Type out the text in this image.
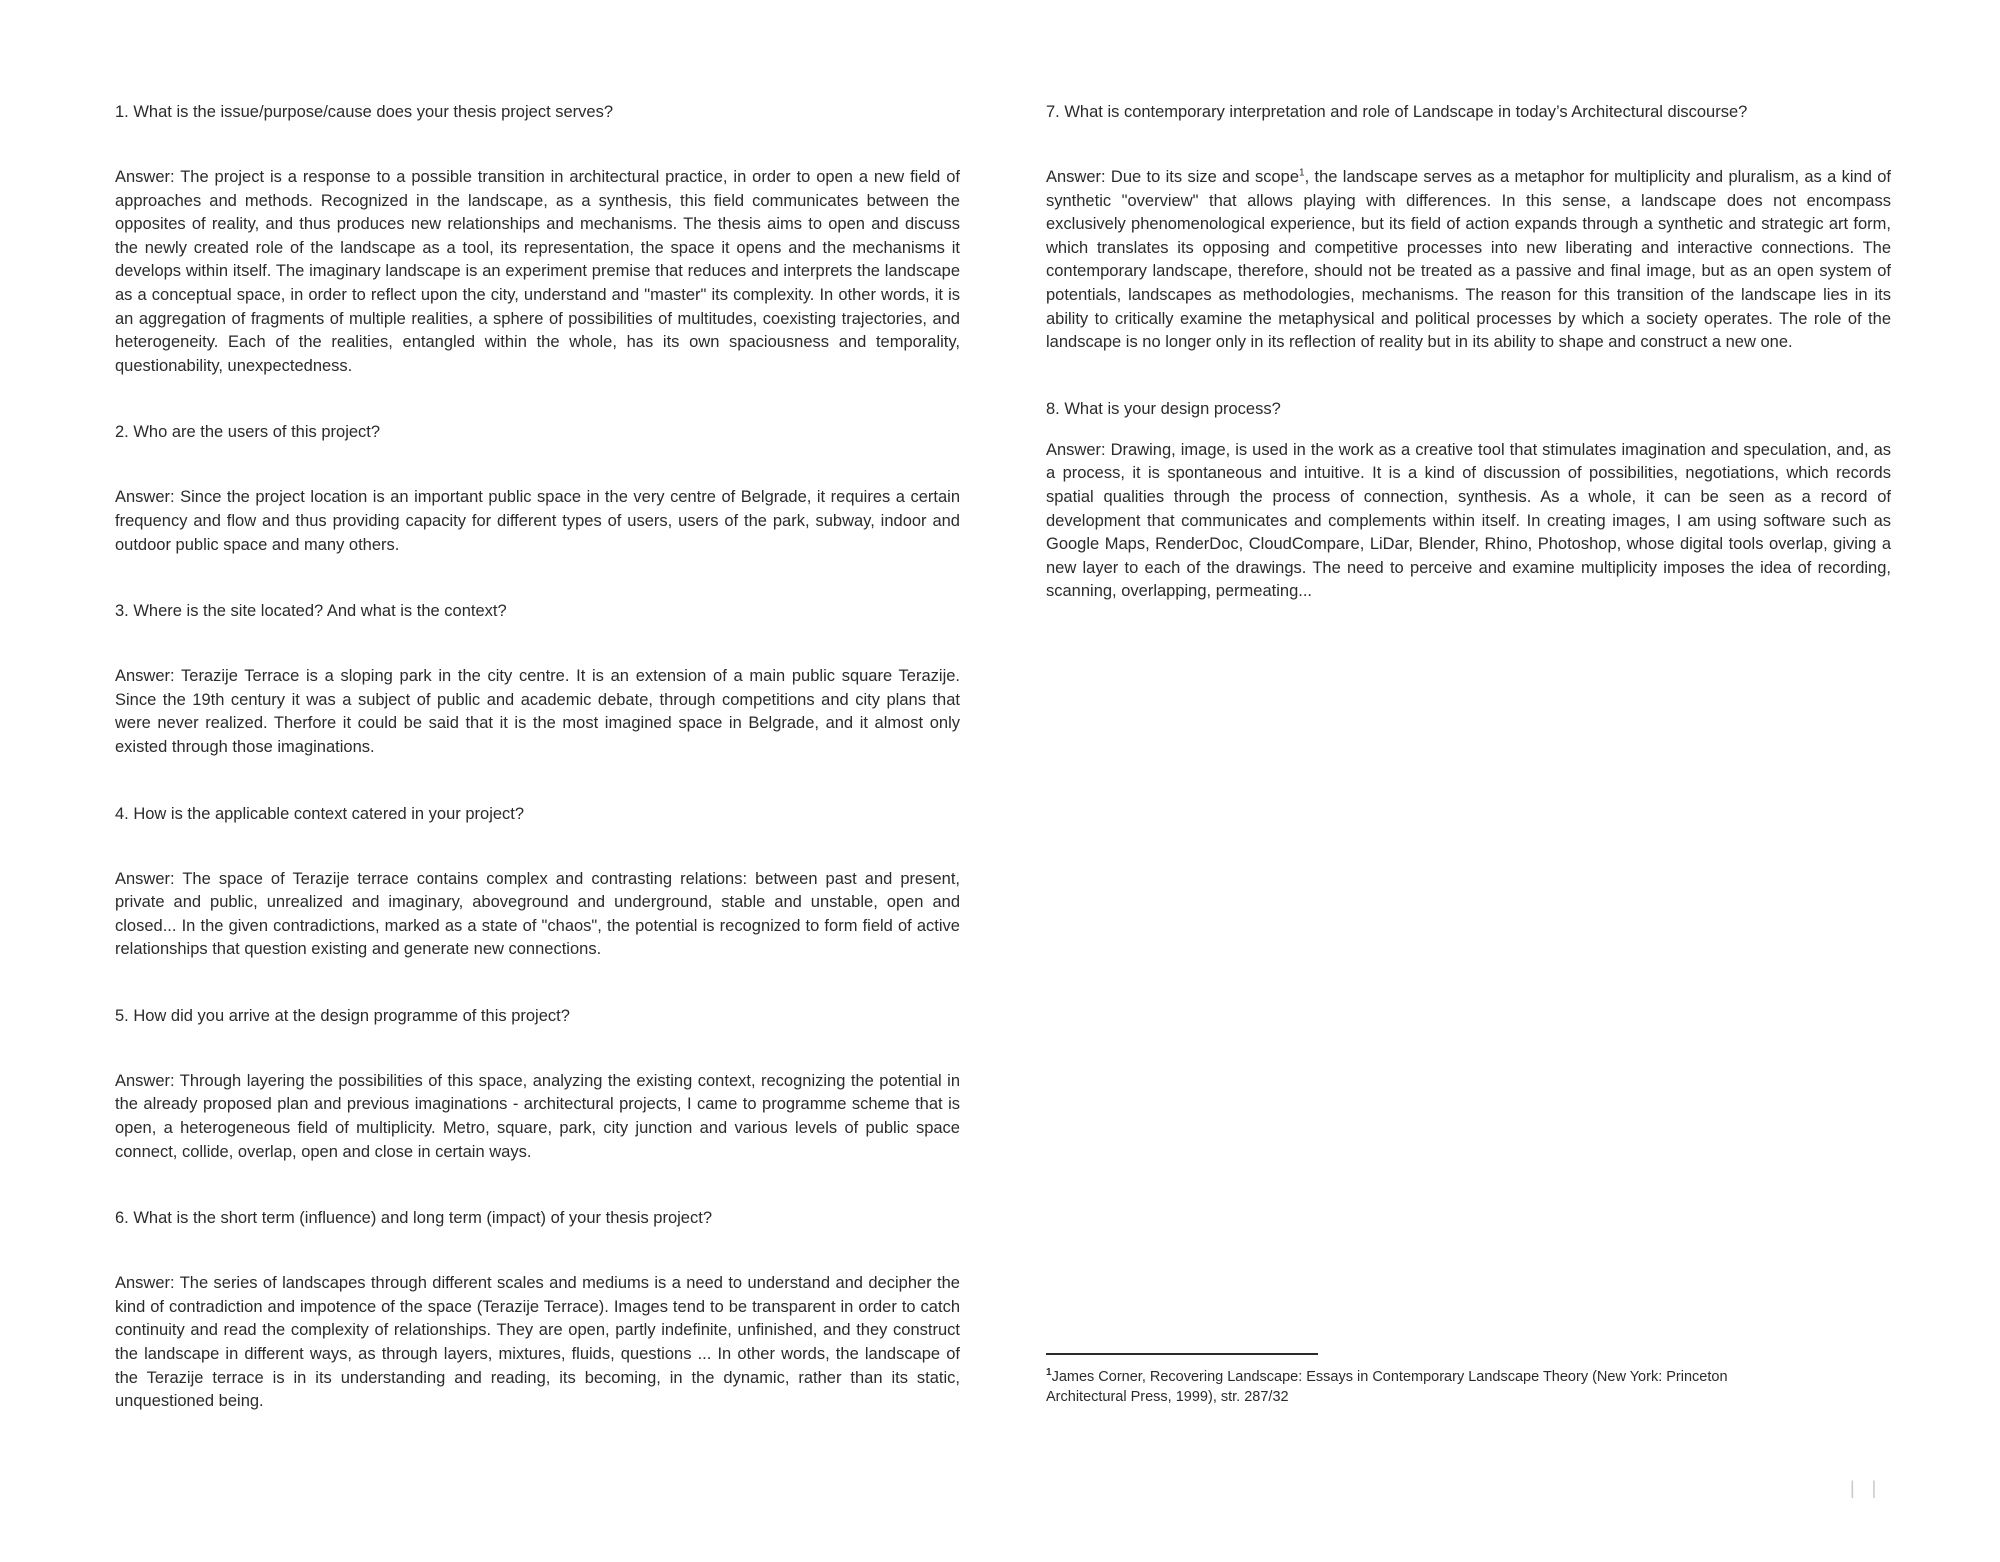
1. What is the issue/purpose/cause does your thesis project serves?

Answer: The project is a response to a possible transition in architectural practice, in order to open a new field of approaches and methods. Recognized in the landscape, as a synthesis, this field communicates between the opposites of reality, and thus produces new relationships and mechanisms. The thesis aims to open and discuss the newly created role of the landscape as a tool, its representation, the space it opens and the mechanisms it develops within itself. The imaginary landscape is an experiment premise that reduces and interprets the landscape as a conceptual space, in order to reflect upon the city, understand and "master" its complexity. In other words, it is an aggregation of fragments of multiple realities, a sphere of possibilities of multitudes, coexisting trajectories, and heterogeneity. Each of the realities, entangled within the whole, has its own spaciousness and temporality, questionability, unexpectedness.

2. Who are the users of this project?

Answer: Since the project location is an important public space in the very centre of Belgrade, it requires a certain frequency and flow and thus providing capacity for different types of users, users of the park, subway, indoor and outdoor public space and many others.

3. Where is the site located? And what is the context?

Answer: Terazije Terrace is a sloping park in the city centre. It is an extension of a main public square Terazije. Since the 19th century it was a subject of public and academic debate, through competitions and city plans that were never realized. Therfore it could be said that it is the most imagined space in Belgrade, and it almost only existed through those imaginations.

4. How is the applicable context catered in your project?

Answer: The space of Terazije terrace contains complex and contrasting relations: between past and present, private and public, unrealized and imaginary, aboveground and underground, stable and unstable, open and closed... In the given contradictions, marked as a state of "chaos", the potential is recognized to form field of active relationships that question existing and generate new connections.

5. How did you arrive at the design programme of this project?

Answer: Through layering the possibilities of this space, analyzing the existing context, recognizing the potential in the already proposed plan and previous imaginations - architectural projects, I came to programme scheme that is open, a heterogeneous field of multiplicity. Metro, square, park, city junction and various levels of public space connect, collide, overlap, open and close in certain ways.

6. What is the short term (influence) and long term (impact) of your thesis project?

Answer: The series of landscapes through different scales and mediums is a need to understand and decipher the kind of contradiction and impotence of the space (Terazije Terrace). Images tend to be transparent in order to catch continuity and read the complexity of relationships. They are open, partly indefinite, unfinished, and they construct the landscape in different ways, as through layers, mixtures, fluids, questions ... In other words, the landscape of the Terazije terrace is in its understanding and reading, its becoming, in the dynamic, rather than its static, unquestioned being.

7. What is contemporary interpretation and role of Landscape in today’s Architectural discourse?

Answer: Due to its size and scope$^1$, the landscape serves as a metaphor for multiplicity and pluralism, as a kind of synthetic "overview" that allows playing with differences. In this sense, a landscape does not encompass exclusively phenomenological experience, but its field of action expands through a synthetic and strategic art form, which translates its opposing and competitive processes into new liberating and interactive connections. The contemporary landscape, therefore, should not be treated as a passive and final image, but as an open system of potentials, landscapes as methodologies, mechanisms. The reason for this transition of the landscape lies in its ability to critically examine the metaphysical and political processes by which a society operates. The role of the landscape is no longer only in its reflection of reality but in its ability to shape and construct a new one.

8. What is your design process?

Answer: Drawing, image, is used in the work as a creative tool that stimulates imagination and speculation, and, as a process, it is spontaneous and intuitive. It is a kind of discussion of possibilities, negotiations, which records spatial qualities through the process of connection, synthesis. As a whole, it can be seen as a record of development that communicates and complements within itself. In creating images, I am using software such as Google Maps, RenderDoc, CloudCompare, LiDar, Blender, Rhino, Photoshop, whose digital tools overlap, giving a new layer to each of the drawings. The need to perceive and examine multiplicity imposes the idea of recording, scanning, overlapping, permeating...

$^1$James Corner, Recovering Landscape: Essays in Contemporary Landscape Theory (New York: Princeton Architectural Press, 1999), str. 287/32

| |
